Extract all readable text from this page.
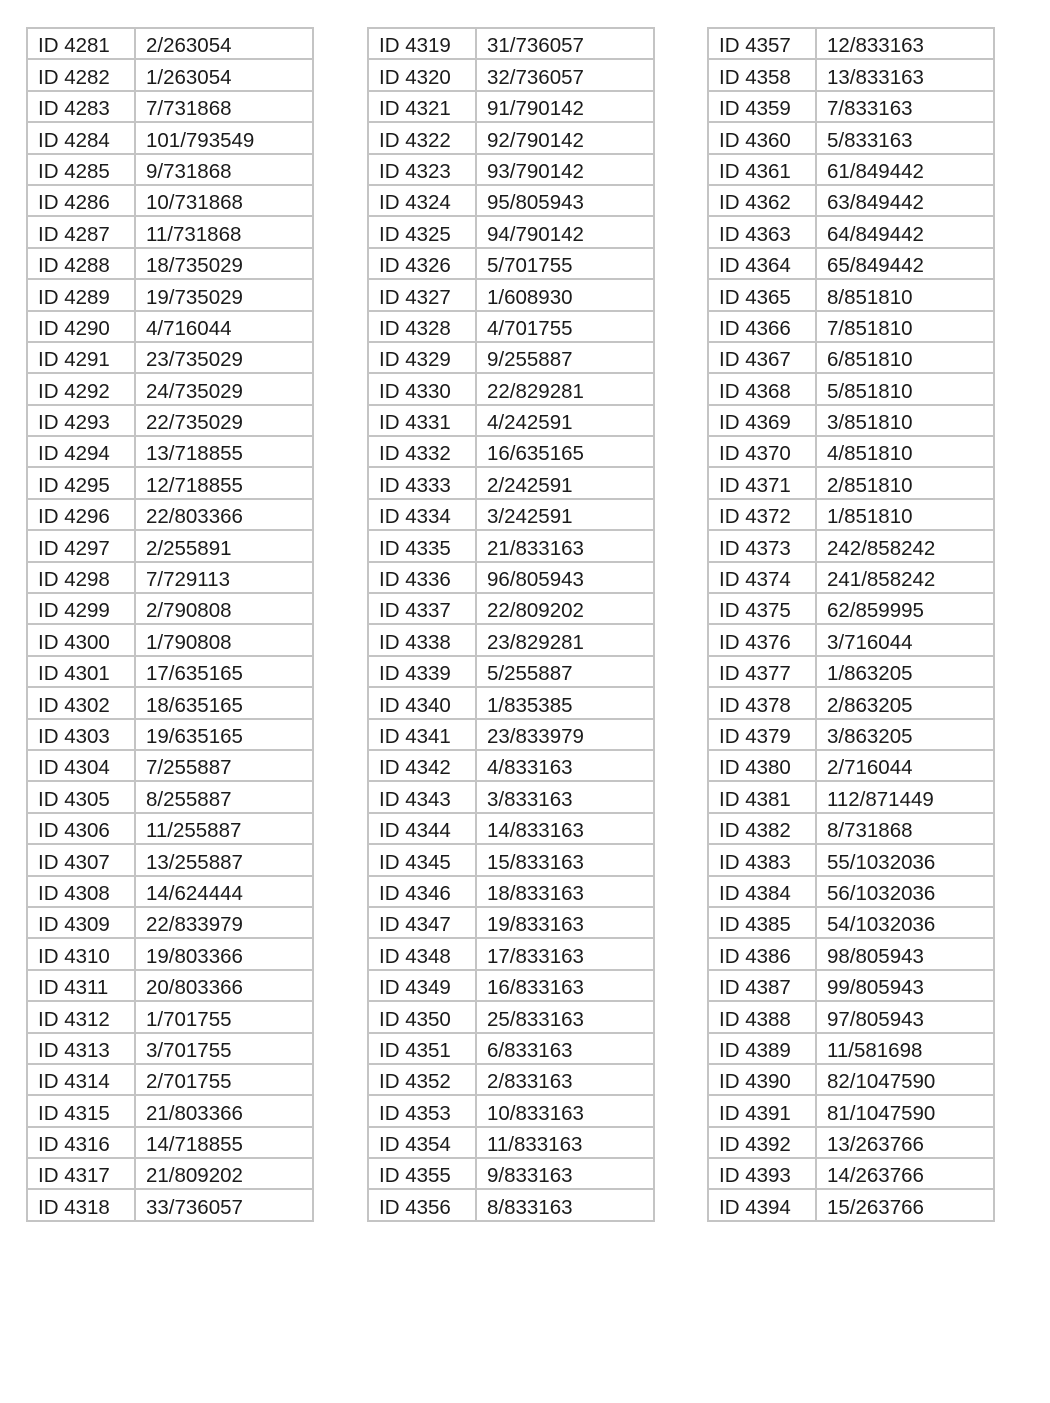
ID 4281	2/263054
ID 4282	1/263054
ID 4283	7/731868
ID 4284	101/793549
ID 4285	9/731868
ID 4286	10/731868
ID 4287	11/731868
ID 4288	18/735029
ID 4289	19/735029
ID 4290	4/716044
ID 4291	23/735029
ID 4292	24/735029
ID 4293	22/735029
ID 4294	13/718855
ID 4295	12/718855
ID 4296	22/803366
ID 4297	2/255891
ID 4298	7/729113
ID 4299	2/790808
ID 4300	1/790808
ID 4301	17/635165
ID 4302	18/635165
ID 4303	19/635165
ID 4304	7/255887
ID 4305	8/255887
ID 4306	11/255887
ID 4307	13/255887
ID 4308	14/624444
ID 4309	22/833979
ID 4310	19/803366
ID 4311	20/803366
ID 4312	1/701755
ID 4313	3/701755
ID 4314	2/701755
ID 4315	21/803366
ID 4316	14/718855
ID 4317	21/809202
ID 4318	33/736057
ID 4319	31/736057
ID 4320	32/736057
ID 4321	91/790142
ID 4322	92/790142
ID 4323	93/790142
ID 4324	95/805943
ID 4325	94/790142
ID 4326	5/701755
ID 4327	1/608930
ID 4328	4/701755
ID 4329	9/255887
ID 4330	22/829281
ID 4331	4/242591
ID 4332	16/635165
ID 4333	2/242591
ID 4334	3/242591
ID 4335	21/833163
ID 4336	96/805943
ID 4337	22/809202
ID 4338	23/829281
ID 4339	5/255887
ID 4340	1/835385
ID 4341	23/833979
ID 4342	4/833163
ID 4343	3/833163
ID 4344	14/833163
ID 4345	15/833163
ID 4346	18/833163
ID 4347	19/833163
ID 4348	17/833163
ID 4349	16/833163
ID 4350	25/833163
ID 4351	6/833163
ID 4352	2/833163
ID 4353	10/833163
ID 4354	11/833163
ID 4355	9/833163
ID 4356	8/833163
ID 4357	12/833163
ID 4358	13/833163
ID 4359	7/833163
ID 4360	5/833163
ID 4361	61/849442
ID 4362	63/849442
ID 4363	64/849442
ID 4364	65/849442
ID 4365	8/851810
ID 4366	7/851810
ID 4367	6/851810
ID 4368	5/851810
ID 4369	3/851810
ID 4370	4/851810
ID 4371	2/851810
ID 4372	1/851810
ID 4373	242/858242
ID 4374	241/858242
ID 4375	62/859995
ID 4376	3/716044
ID 4377	1/863205
ID 4378	2/863205
ID 4379	3/863205
ID 4380	2/716044
ID 4381	112/871449
ID 4382	8/731868
ID 4383	55/1032036
ID 4384	56/1032036
ID 4385	54/1032036
ID 4386	98/805943
ID 4387	99/805943
ID 4388	97/805943
ID 4389	11/581698
ID 4390	82/1047590
ID 4391	81/1047590
ID 4392	13/263766
ID 4393	14/263766
ID 4394	15/263766
